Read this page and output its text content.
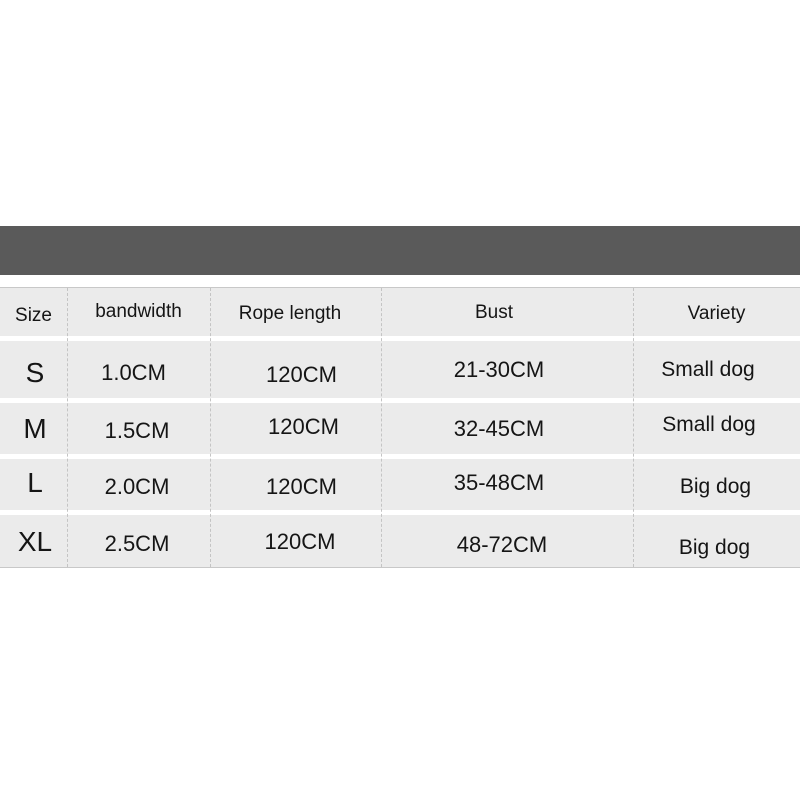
Size	bandwidth	Rope length	Bust	Variety
S	1.0CM	120CM	21-30CM	Small dog
M	1.5CM	120CM	32-45CM	Small dog
L	2.0CM	120CM	35-48CM	Big dog
XL	2.5CM	120CM	48-72CM	Big dog
